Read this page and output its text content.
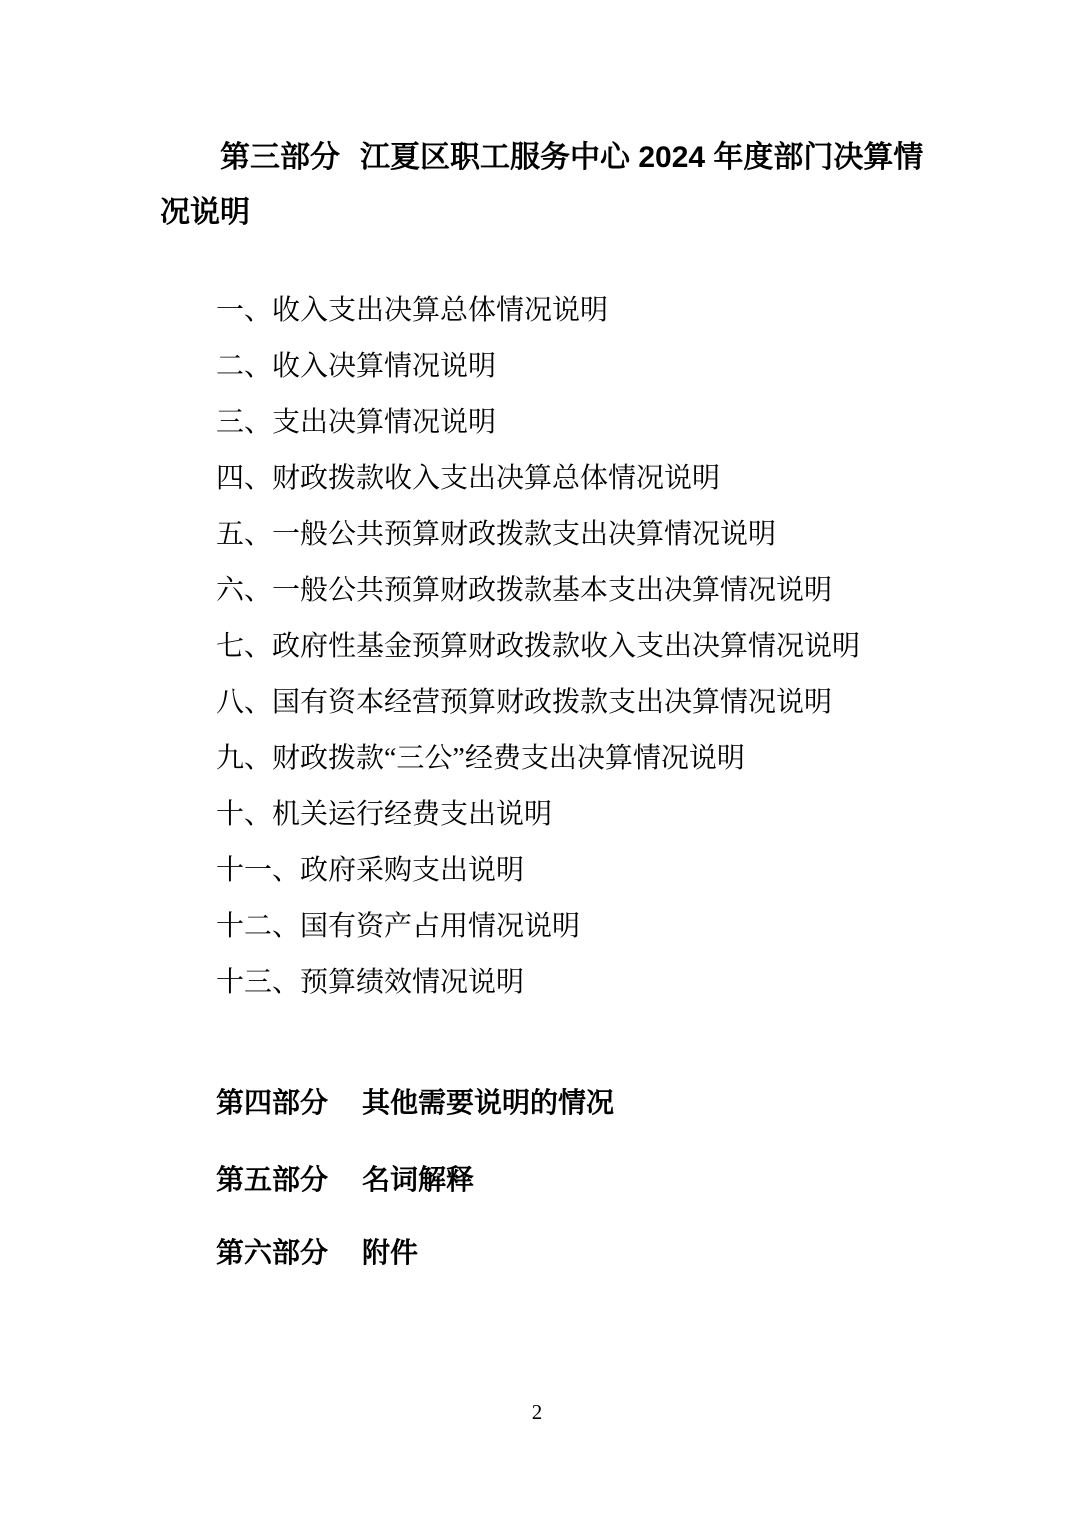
第三部分 江夏区职工服务中心 2024 年度部门决算情况说明

一、收入支出决算总体情况说明

二、收入决算情况说明

三、支出决算情况说明

四、财政拨款收入支出决算总体情况说明

五、一般公共预算财政拨款支出决算情况说明

六、一般公共预算财政拨款基本支出决算情况说明

七、政府性基金预算财政拨款收入支出决算情况说明

八、国有资本经营预算财政拨款支出决算情况说明

九、财政拨款“三公”经费支出决算情况说明

十、机关运行经费支出说明

十一、政府采购支出说明

十二、国有资产占用情况说明

十三、预算绩效情况说明

第四部分 其他需要说明的情况

第五部分 名词解释

第六部分 附件

2
